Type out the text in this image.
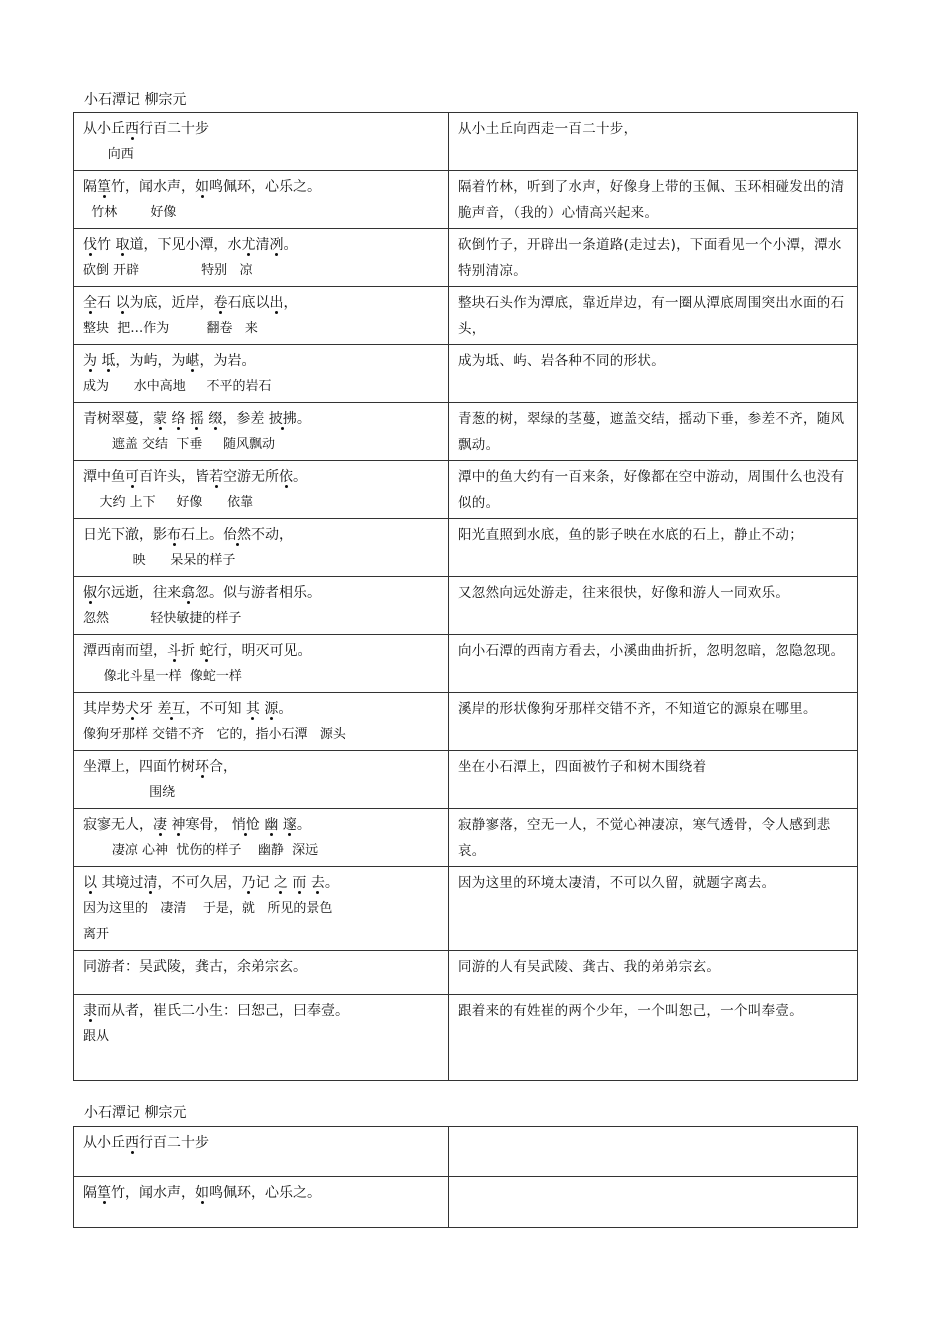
小石潭记 柳宗元
从小丘西行百二十步
向西	从小土丘向西走一百二十步，

隔篁竹，闻水声，如鸣佩环，心乐之。
竹林        好像	隔着竹林，听到了水声，好像身上带的玉佩、玉环相碰发出的清脆声音，（我的）心情高兴起来。

伐竹 取道，下见小潭，水尤清冽。
砍倒 开辟               特别   凉	砍倒竹子，开辟出一条道路(走过去)，下面看见一个小潭，潭水特别清凉。

全石 以为底，近岸，卷石底以出，
整块  把…作为         翻卷   来	整块石头作为潭底，靠近岸边，有一圈从潭底周围突出水面的石头，

为 坻，为屿，为嵁，为岩。
成为      水中高地     不平的岩石	成为坻、屿、岩各种不同的形状。

青树翠蔓，蒙 络 摇 缀，参差 披拂。
遮盖 交结  下垂     随风飘动	青葱的树，翠绿的茎蔓，遮盖交结，摇动下垂，参差不齐，随风飘动。

潭中鱼可百许头，皆若空游无所依。
大约 上下     好像      依靠	潭中的鱼大约有一百来条，好像都在空中游动，周围什么也没有似的。

日光下澈，影布石上。佁然不动，
映      呆呆的样子	阳光直照到水底，鱼的影子映在水底的石上，静止不动；

俶尔远逝，往来翕忽。似与游者相乐。
忽然          轻快敏捷的样子	又忽然向远处游走，往来很快，好像和游人一同欢乐。

潭西南而望，斗折 蛇行，明灭可见。
像北斗星一样  像蛇一样	向小石潭的西南方看去，小溪曲曲折折，忽明忽暗，忽隐忽现。

其岸势犬牙 差互，不可知 其 源。
像狗牙那样 交错不齐   它的，指小石潭   源头	溪岸的形状像狗牙那样交错不齐，不知道它的源泉在哪里。

坐潭上，四面竹树环合，
围绕	坐在小石潭上，四面被竹子和树木围绕着

寂寥无人，凄 神寒骨， 悄怆 幽 邃。
凄凉 心神  忧伤的样子    幽静  深远	寂静寥落，空无一人，不觉心神凄凉，寒气透骨，令人感到悲哀。

以 其境过清，不可久居，乃记 之 而 去。
因为这里的   凄清    于是，就   所见的景色
离开	因为这里的环境太凄清，不可以久留，就题字离去。

同游者：吴武陵，龚古，余弟宗玄。	同游的人有吴武陵、龚古、我的弟弟宗玄。

隶而从者，崔氏二小生：曰恕己，曰奉壹。
跟从	跟着来的有姓崔的两个少年，一个叫恕己，一个叫奉壹。
小石潭记 柳宗元
从小丘西行百二十步	

隔篁竹，闻水声，如鸣佩环，心乐之。	
